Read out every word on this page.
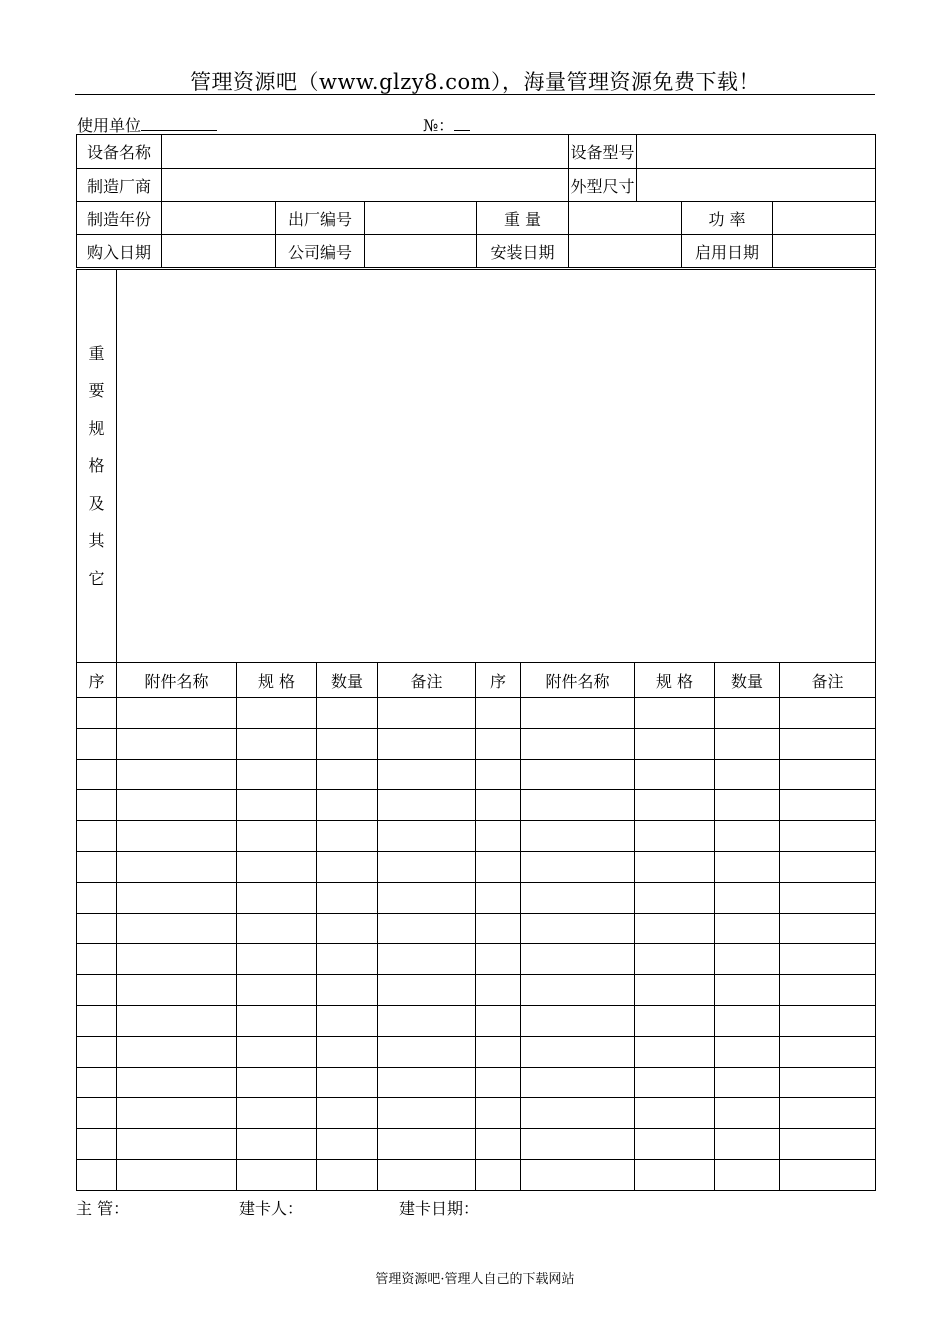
管理资源吧（www.glzy8.com），海量管理资源免费下载！
使用单位	№：
设备名称					设备型号			
制造厂商					外型尺寸			
制造年份		出厂编号		重 量			功 率	
购入日期		公司编号		安装日期			启用日期	
重
要
规
格
及
其
它

序	附件名称	规 格	数量	备注	序	附件名称	规 格	数量	备注

主 管：	建卡人：	建卡日期：
管理资源吧·管理人自己的下载网站
